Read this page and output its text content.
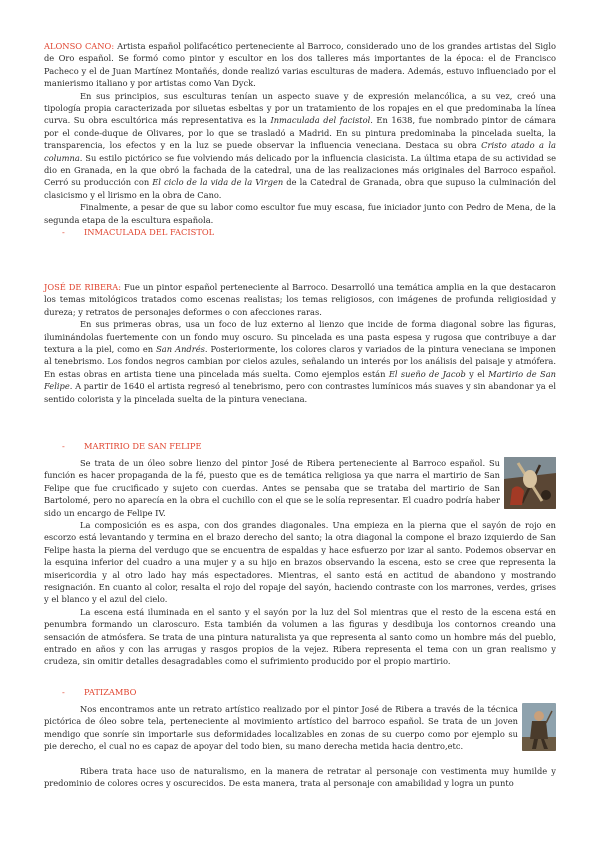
ALONSO CANO: Artista español polifacético perteneciente al Barroco, considerado uno de los grandes artistas del Siglo de Oro español. Se formó como pintor y escultor en los dos talleres más importantes de la época: el de Francisco Pacheco y el de Juan Martínez Montañés, donde realizó varias esculturas de madera. Además, estuvo influenciado por el manierismo italiano y por artistas como Van Dyck.

En sus principios, sus esculturas tenían un aspecto suave y de expresión melancólica, a su vez, creó una tipología propia caracterizada por siluetas esbeltas y por un tratamiento de los ropajes en el que predominaba la línea curva. Su obra escultórica más representativa es la Inmaculada del facistol. En 1638, fue nombrado pintor de cámara por el conde-duque de Olivares, por lo que se trasladó a Madrid. En su pintura predominaba la pincelada suelta, la transparencia, los efectos y en la luz se puede observar la influencia veneciana. Destaca su obra Cristo atado a la columna. Su estilo pictórico se fue volviendo más delicado por la influencia clasicista. La última etapa de su actividad se dio en Granada, en la que obró la fachada de la catedral, una de las realizaciones más originales del Barroco español. Cerró su producción con El ciclo de la vida de la Virgen de la Catedral de Granada, obra que supuso la culminación del clasicismo y el lirismo en la obra de Cano.

Finalmente, a pesar de que su labor como escultor fue muy escasa, fue iniciador junto con Pedro de Mena, de la segunda etapa de la escultura española.

- INMACULADA DEL FACISTOL

JOSÉ DE RIBERA: Fue un pintor español perteneciente al Barroco. Desarrolló una temática amplia en la que destacaron los temas mitológicos tratados como escenas realistas; los temas religiosos, con imágenes de profunda religiosidad y dureza; y retratos de personajes deformes o con afecciones raras.

En sus primeras obras, usa un foco de luz externo al lienzo que incide de forma diagonal sobre las figuras, iluminándolas fuertemente con un fondo muy oscuro. Su pincelada es una pasta espesa y rugosa que contribuye a dar textura a la piel, como en San Andrés. Posteriormente, los colores claros y variados de la pintura veneciana se imponen al tenebrismo. Los fondos negros cambian por cielos azules, señalando un interés por los análisis del paisaje y atmófera. En estas obras en artista tiene una pincelada más suelta. Como ejemplos están El sueño de Jacob y el Martirio de San Felipe. A partir de 1640 el artista regresó al tenebrismo, pero con contrastes lumínicos más suaves y sin abandonar ya el sentido colorista y la pincelada suelta de la pintura veneciana.

- MARTIRIO DE SAN FELIPE

Se trata de un óleo sobre lienzo del pintor José de Ribera perteneciente al Barroco español. Su función es hacer propaganda de la fé, puesto que es de temática religiosa ya que narra el martirio de San Felipe que fue crucificado y sujeto con cuerdas. Antes se pensaba que se trataba del martirio de San Bartolomé, pero no aparecía en la obra el cuchillo con el que se le solía representar. El cuadro podría haber sido un encargo de Felipe IV.

La composición es es aspa, con dos grandes diagonales. Una empieza en la pierna que el sayón de rojo en escorzo está levantando y termina en el brazo derecho del santo; la otra diagonal la compone el brazo izquierdo de San Felipe hasta la pierna del verdugo que se encuentra de espaldas y hace esfuerzo por izar al santo. Podemos observar en la esquina inferior del cuadro a una mujer y a su hijo en brazos observando la escena, esto se cree que representa la misericordia y al otro lado hay más espectadores. Mientras, el santo está en actitud de abandono y mostrando resignación. En cuanto al color, resalta el rojo del ropaje del sayón, haciendo contraste con los marrones, verdes, grises y el blanco y el azul del cielo.

La escena está iluminada en el santo y el sayón por la luz del Sol mientras que el resto de la escena está en penumbra formando un claroscuro. Esta también da volumen a las figuras y desdibuja los contornos creando una sensación de atmósfera. Se trata de una pintura naturalista ya que representa al santo como un hombre más del pueblo, entrado en años y con las arrugas y rasgos propios de la vejez. Ribera representa el tema con un gran realismo y crudeza, sin omitir detalles desagradables como el sufrimiento producido por el propio martirio.

- PATIZAMBO

Nos encontramos ante un retrato artístico realizado por el pintor José de Ribera a través de la técnica pictórica de óleo sobre tela, perteneciente al movimiento artístico del barroco español. Se trata de un joven mendigo que sonríe sin importarle sus deformidades localizables en zonas de su cuerpo como por ejemplo su pie derecho, el cual no es capaz de apoyar del todo bien, su mano derecha metida hacia dentro,etc.

Ribera trata hace uso de naturalismo, en la manera de retratar al personaje con vestimenta muy humilde y predominio de colores ocres y oscurecidos. De esta manera, trata al personaje con amabilidad y logra un punto
